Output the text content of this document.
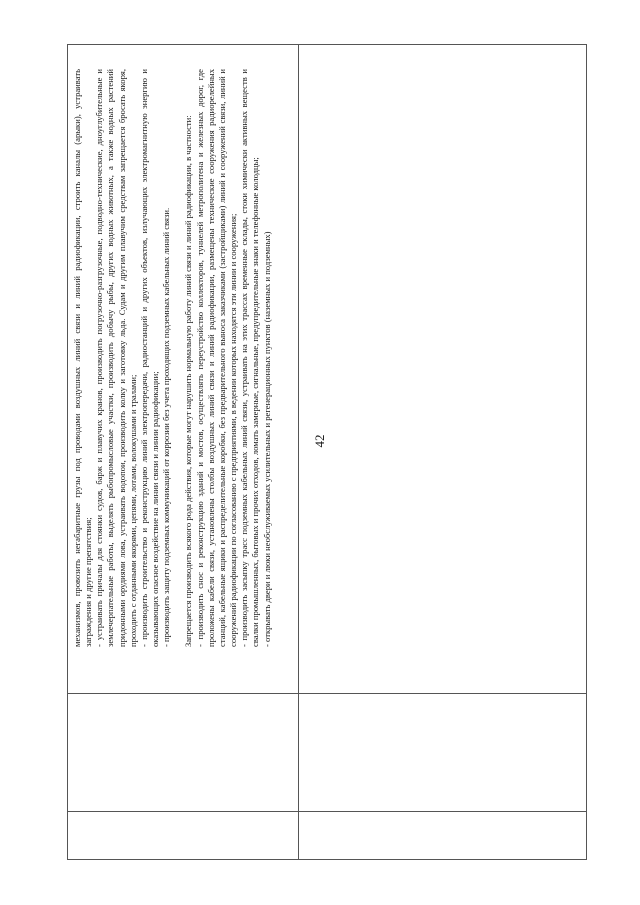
42

механизмов, провозить негабаритные грузы под проводами воздушных линий связи и линий радиофикации, строить каналы (арыки), устраивать заграждения и другие препятствия; - устраивать причалы для стоянки судов, барж и плавучих кранов, производить погрузочно-разгрузочные, подводно-технические, дноуглубительные и землечерпательные работы, выделять рыбопромысловые участки, производить добычу рыбы, других водных животных, а также водных растений придонными орудиями лова, устраивать водопои, производить колку и заготовку льда. Судам и другим плавучим средствам запрещается бросать якоря, проходить с отданными якорями, цепями, лотами, волокушами и тралами; - производить строительство и реконструкцию линий электропередачи, радиостанций и других объектов, излучающих электромагнитную энергию и оказывающих опасное воздействие на линии связи и линии радиофикации; - производить защиту подземных коммуникаций от коррозии без учета проходящих подземных кабельных линий связи. Запрещается производить всякого рода действия, которые могут нарушить нормальную работу линий связи и линий радиофикации, в частности: - производить снос и реконструкцию зданий и мостов, осуществлять переустройство коллекторов, туннелей метрополитена и железных дорог, где проложены кабели связи, установлены столбы воздушных линий связи и линий радиофикации, размещены технические сооружения радиорелейных станций, кабельные ящики и распределительные коробки, без предварительного выноса заказчиками (застройщиками) линий и сооружений связи, линий и сооружений радиофикации по согласованию с предприятиями, в ведении которых находятся эти линии и сооружения; - производить засыпку трасс подземных кабельных линий связи, устраивать на этих трассах временные склады, стоки химически активных веществ и свалки промышленных, бытовых и прочих отходов, ломать замерные, сигнальные, предупредительные знаки и телефонные колодцы; - открывать двери и люки необслуживаемых усилительных и регенерационных пунктов (наземных и подземных)
